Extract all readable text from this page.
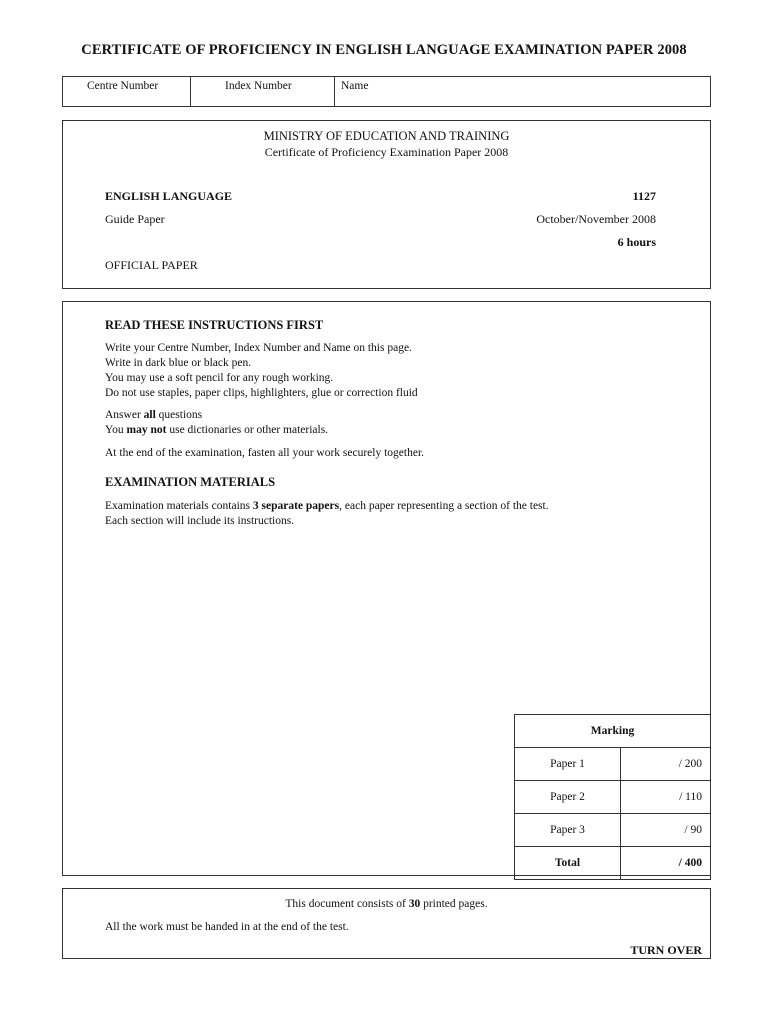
CERTIFICATE OF PROFICIENCY IN ENGLISH LANGUAGE EXAMINATION PAPER 2008
Centre Number	Index Number	Name
MINISTRY OF EDUCATION AND TRAINING
Certificate of Proficiency Examination Paper 2008
ENGLISH LANGUAGE	1127
Guide Paper	October/November 2008
6 hours
OFFICIAL PAPER
READ THESE INSTRUCTIONS FIRST
Write your Centre Number, Index Number and Name on this page.
Write in dark blue or black pen.
You may use a soft pencil for any rough working.
Do not use staples, paper clips, highlighters, glue or correction fluid
Answer all questions
You may not use dictionaries or other materials.
At the end of the examination, fasten all your work securely together.
EXAMINATION MATERIALS
Examination materials contains 3 separate papers, each paper representing a section of the test.
Each section will include its instructions.
Marking	
Paper 1	/ 200
Paper 2	/ 110
Paper 3	/ 90
Total	/ 400
This document consists of 30 printed pages.
All the work must be handed in at the end of the test.
TURN OVER
